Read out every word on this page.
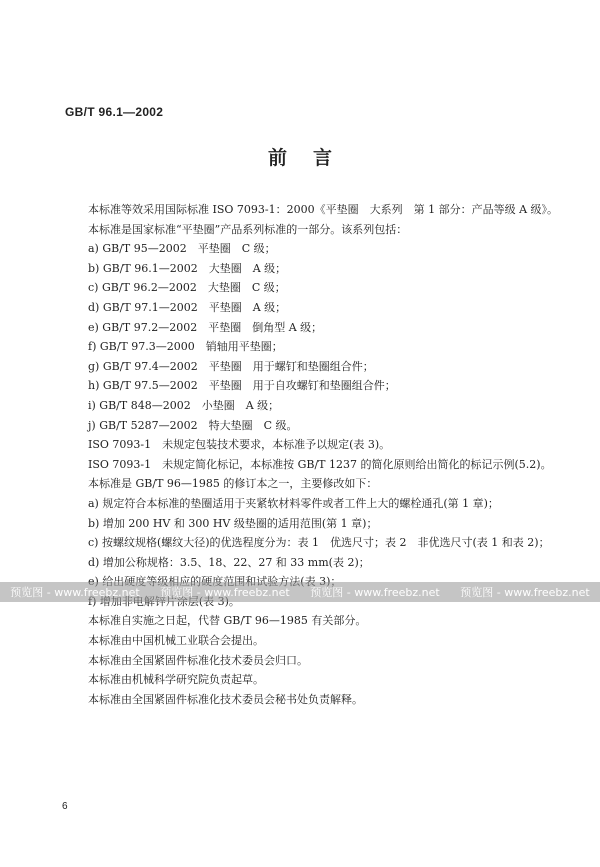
GB/T 96.1—2002
前言
本标准等效采用国际标准 ISO 7093-1：2000《平垫圈　大系列　第 1 部分：产品等级 A 级》。
本标准是国家标准“平垫圈”产品系列标准的一部分。该系列包括：
a) GB/T 95—2002　平垫圈　C 级；
b) GB/T 96.1—2002　大垫圈　A 级；
c) GB/T 96.2—2002　大垫圈　C 级；
d) GB/T 97.1—2002　平垫圈　A 级；
e) GB/T 97.2—2002　平垫圈　倒角型 A 级；
f) GB/T 97.3—2000　销轴用平垫圈；
g) GB/T 97.4—2002　平垫圈　用于螺钉和垫圈组合件；
h) GB/T 97.5—2002　平垫圈　用于自攻螺钉和垫圈组合件；
i) GB/T 848—2002　小垫圈　A 级；
j) GB/T 5287—2002　特大垫圈　C 级。
ISO 7093-1　未规定包装技术要求，本标准予以规定(表 3)。
ISO 7093-1　未规定简化标记，本标准按 GB/T 1237 的简化原则给出简化的标记示例(5.2)。
本标准是 GB/T 96—1985 的修订本之一，主要修改如下：
a) 规定符合本标准的垫圈适用于夹紧软材料零件或者工件上大的螺栓通孔(第 1 章)；
b) 增加 200 HV 和 300 HV 级垫圈的适用范围(第 1 章)；
c) 按螺纹规格(螺纹大径)的优选程度分为：表 1　优选尺寸；表 2　非优选尺寸(表 1 和表 2)；
d) 增加公称规格：3.5、18、22、27 和 33 mm(表 2)；
本标准自实施之日起，代替 GB/T 96—1985 有关部分。
本标准由中国机械工业联合会提出。
本标准由全国紧固件标准化技术委员会归口。
本标准由机械科学研究院负责起草。
本标准由全国紧固件标准化技术委员会秘书处负责解释。
预览图 - www.freebz.net 预览图 - www.freebz.net 预览图 - www.freebz.net 预览图 - www.freebz.net
6
